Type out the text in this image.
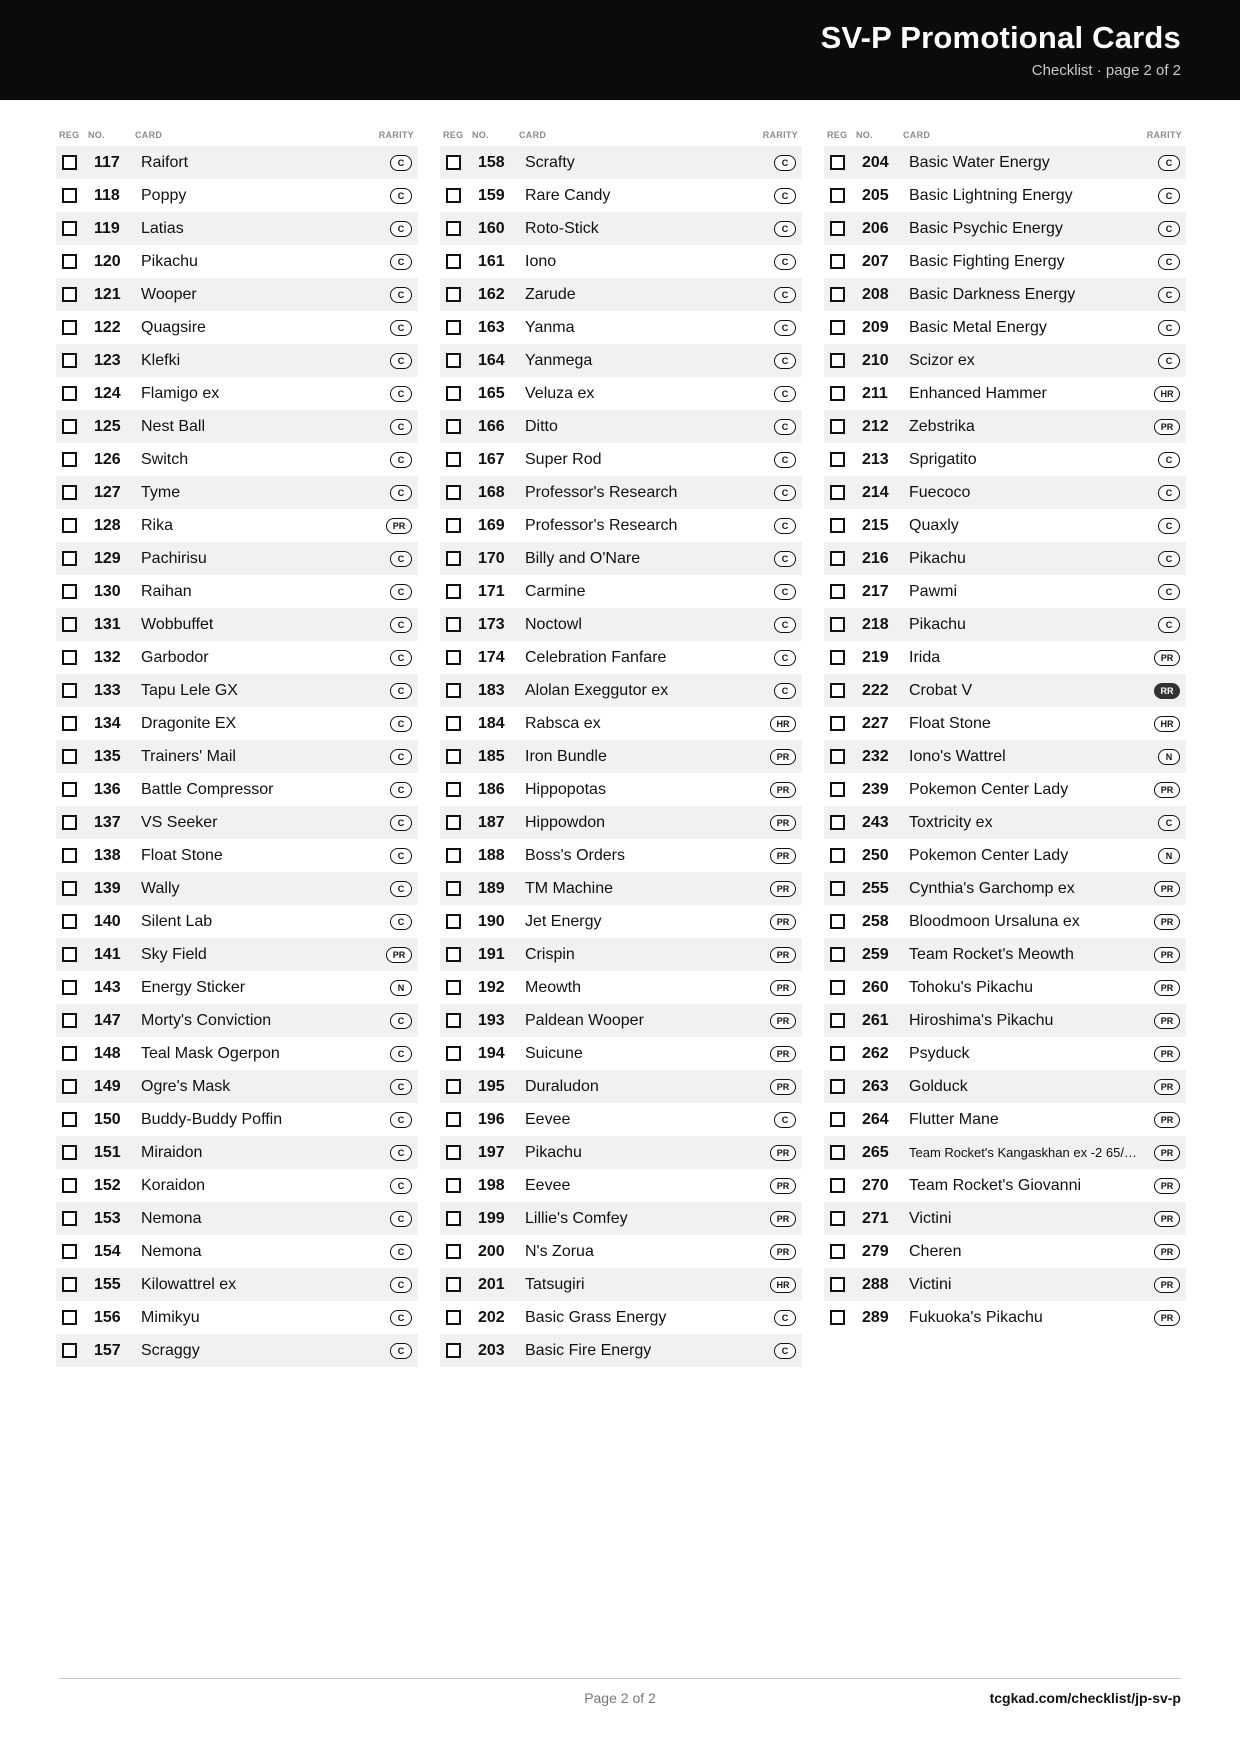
SV-P Promotional Cards
Checklist · page 2 of 2
REG NO.	CARD	RARITY
117	Raifort	C
118	Poppy	C
119	Latias	C
120	Pikachu	C
121	Wooper	C
122	Quagsire	C
123	Klefki	C
124	Flamigo ex	C
125	Nest Ball	C
126	Switch	C
127	Tyme	C
128	Rika	PR
129	Pachirisu	C
130	Raihan	C
131	Wobbuffet	C
132	Garbodor	C
133	Tapu Lele GX	C
134	Dragonite EX	C
135	Trainers' Mail	C
136	Battle Compressor	C
137	VS Seeker	C
138	Float Stone	C
139	Wally	C
140	Silent Lab	C
141	Sky Field	PR
143	Energy Sticker	N
147	Morty's Conviction	C
148	Teal Mask Ogerpon	C
149	Ogre's Mask	C
150	Buddy-Buddy Poffin	C
151	Miraidon	C
152	Koraidon	C
153	Nemona	C
154	Nemona	C
155	Kilowattrel ex	C
156	Mimikyu	C
157	Scraggy	C
REG NO.	CARD	RARITY
158	Scrafty	C
159	Rare Candy	C
160	Roto-Stick	C
161	Iono	C
162	Zarude	C
163	Yanma	C
164	Yanmega	C
165	Veluza ex	C
166	Ditto	C
167	Super Rod	C
168	Professor's Research	C
169	Professor's Research	C
170	Billy and O'Nare	C
171	Carmine	C
173	Noctowl	C
174	Celebration Fanfare	C
183	Alolan Exeggutor ex	C
184	Rabsca ex	HR
185	Iron Bundle	PR
186	Hippopotas	PR
187	Hippowdon	PR
188	Boss's Orders	PR
189	TM Machine	PR
190	Jet Energy	PR
191	Crispin	PR
192	Meowth	PR
193	Paldean Wooper	PR
194	Suicune	PR
195	Duraludon	PR
196	Eevee	C
197	Pikachu	PR
198	Eevee	PR
199	Lillie's Comfey	PR
200	N's Zorua	PR
201	Tatsugiri	HR
202	Basic Grass Energy	C
203	Basic Fire Energy	C
REG NO.	CARD	RARITY
204	Basic Water Energy	C
205	Basic Lightning Energy	C
206	Basic Psychic Energy	C
207	Basic Fighting Energy	C
208	Basic Darkness Energy	C
209	Basic Metal Energy	C
210	Scizor ex	C
211	Enhanced Hammer	HR
212	Zebstrika	PR
213	Sprigatito	C
214	Fuecoco	C
215	Quaxly	C
216	Pikachu	C
217	Pawmi	C
218	Pikachu	C
219	Irida	PR
222	Crobat V	RR
227	Float Stone	HR
232	Iono's Wattrel	N
239	Pokemon Center Lady	PR
243	Toxtricity ex	C
250	Pokemon Center Lady	N
255	Cynthia's Garchomp ex	PR
258	Bloodmoon Ursaluna ex	PR
259	Team Rocket's Meowth	PR
260	Tohoku's Pikachu	PR
261	Hiroshima's Pikachu	PR
262	Psyduck	PR
263	Golduck	PR
264	Flutter Mane	PR
265	Team Rocket's Kangaskhan ex -2 65/…	PR
270	Team Rocket's Giovanni	PR
271	Victini	PR
279	Cheren	PR
288	Victini	PR
289	Fukuoka's Pikachu	PR
Page 2 of 2	tcgkad.com/checklist/jp-sv-p
